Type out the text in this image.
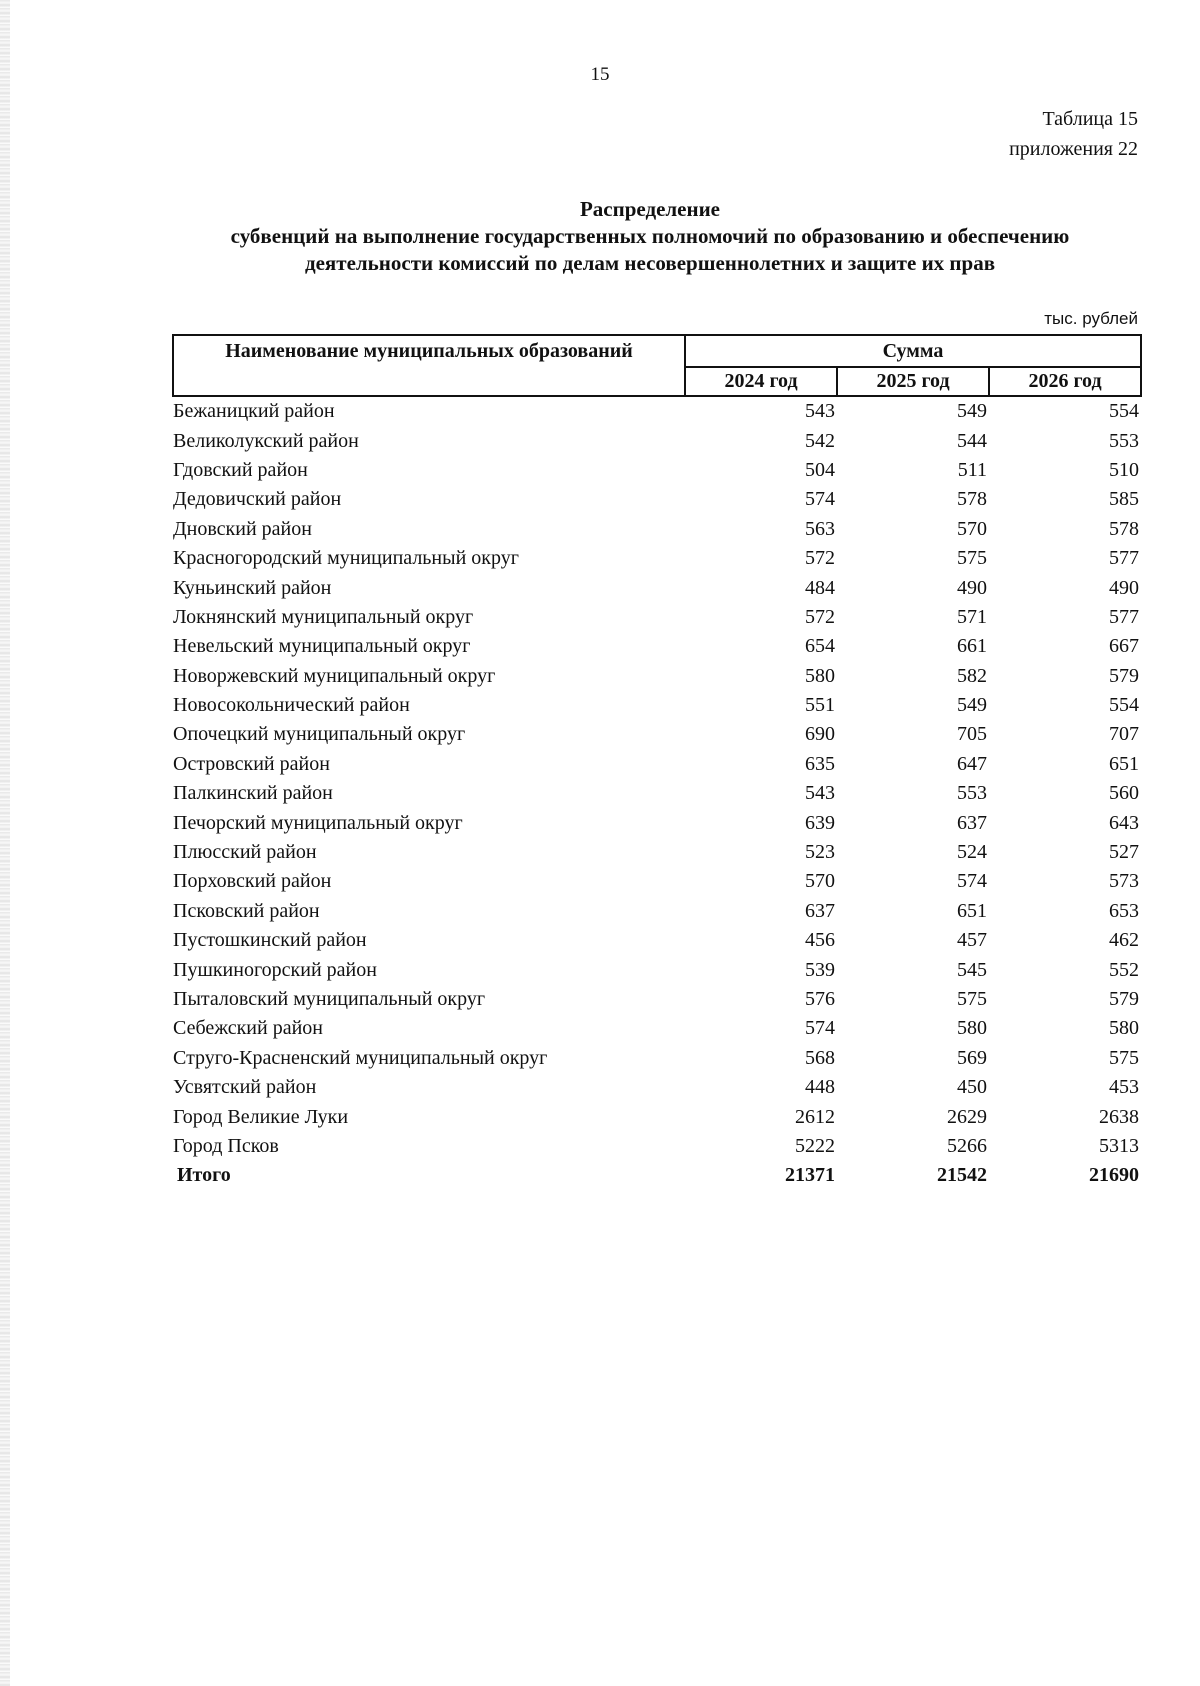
15
Таблица 15
приложения 22
Распределение
субвенций на выполнение государственных полномочий по образованию и обеспечению
деятельности комиссий по делам несовершеннолетних и защите их прав
тыс. рублей
Наименование муниципальных образований	Сумма		
	2024 год	2025 год	2026 год
Бежаницкий район	543	549	554
Великолукский район	542	544	553
Гдовский район	504	511	510
Дедовичский район	574	578	585
Дновский район	563	570	578
Красногородский муниципальный округ	572	575	577
Куньинский район	484	490	490
Локнянский муниципальный округ	572	571	577
Невельский муниципальный округ	654	661	667
Новоржевский муниципальный округ	580	582	579
Новосокольнический район	551	549	554
Опочецкий муниципальный округ	690	705	707
Островский район	635	647	651
Палкинский район	543	553	560
Печорский муниципальный округ	639	637	643
Плюсский район	523	524	527
Порховский район	570	574	573
Псковский район	637	651	653
Пустошкинский район	456	457	462
Пушкиногорский район	539	545	552
Пыталовский муниципальный округ	576	575	579
Себежский район	574	580	580
Струго-Красненский муниципальный округ	568	569	575
Усвятский район	448	450	453
Город Великие Луки	2612	2629	2638
Город Псков	5222	5266	5313
Итого	21371	21542	21690
